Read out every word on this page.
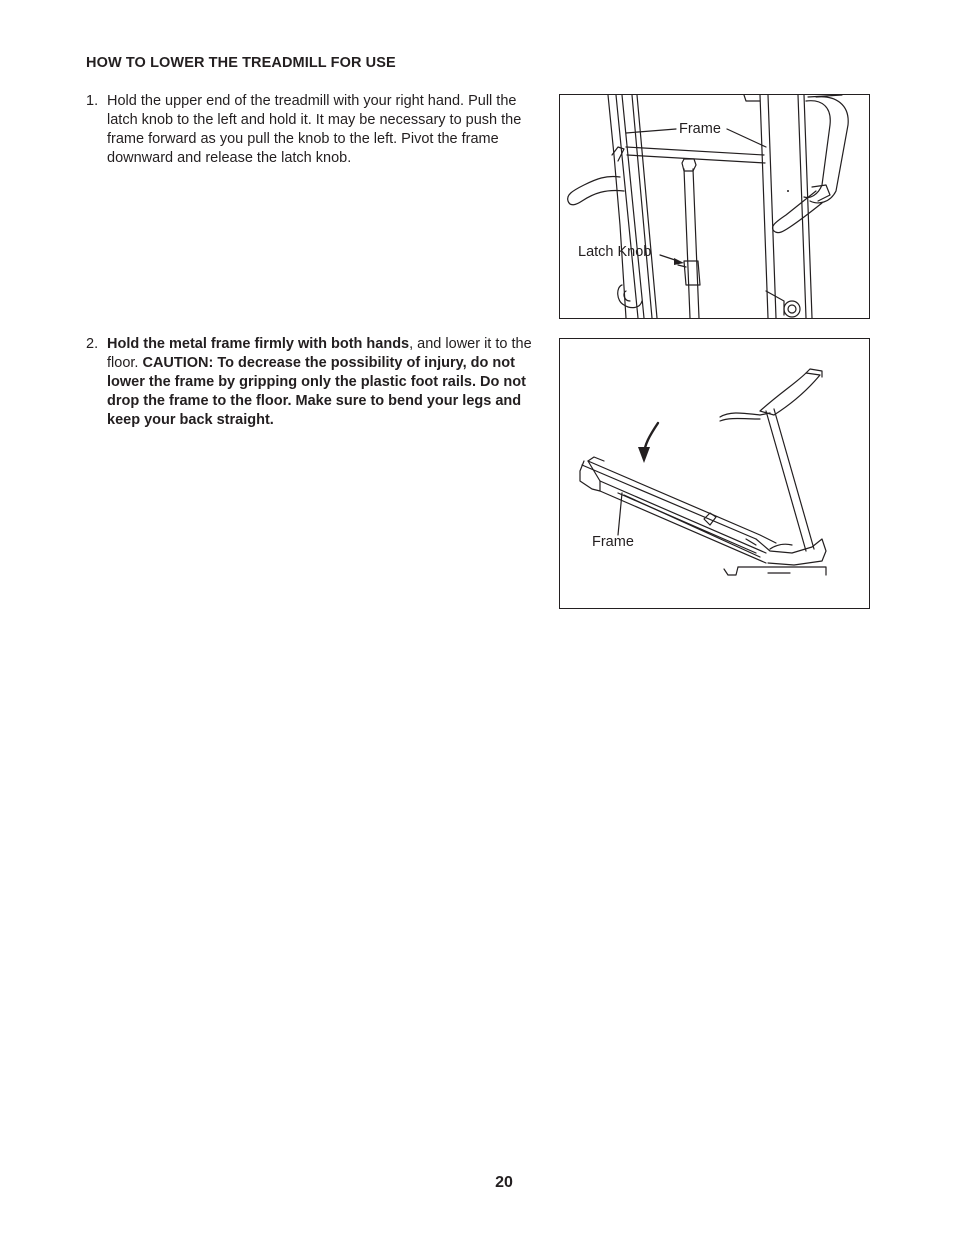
HOW TO LOWER THE TREADMILL FOR USE
1. Hold the upper end of the treadmill with your right hand. Pull the latch knob to the left and hold it. It may be necessary to push the frame forward as you pull the knob to the left. Pivot the frame downward and release the latch knob.
2. Hold the metal frame firmly with both hands, and lower it to the floor. CAUTION: To decrease the possibility of injury, do not lower the frame by gripping only the plastic foot rails. Do not drop the frame to the floor. Make sure to bend your legs and keep your back straight.
Frame
Latch Knob
Frame
20
